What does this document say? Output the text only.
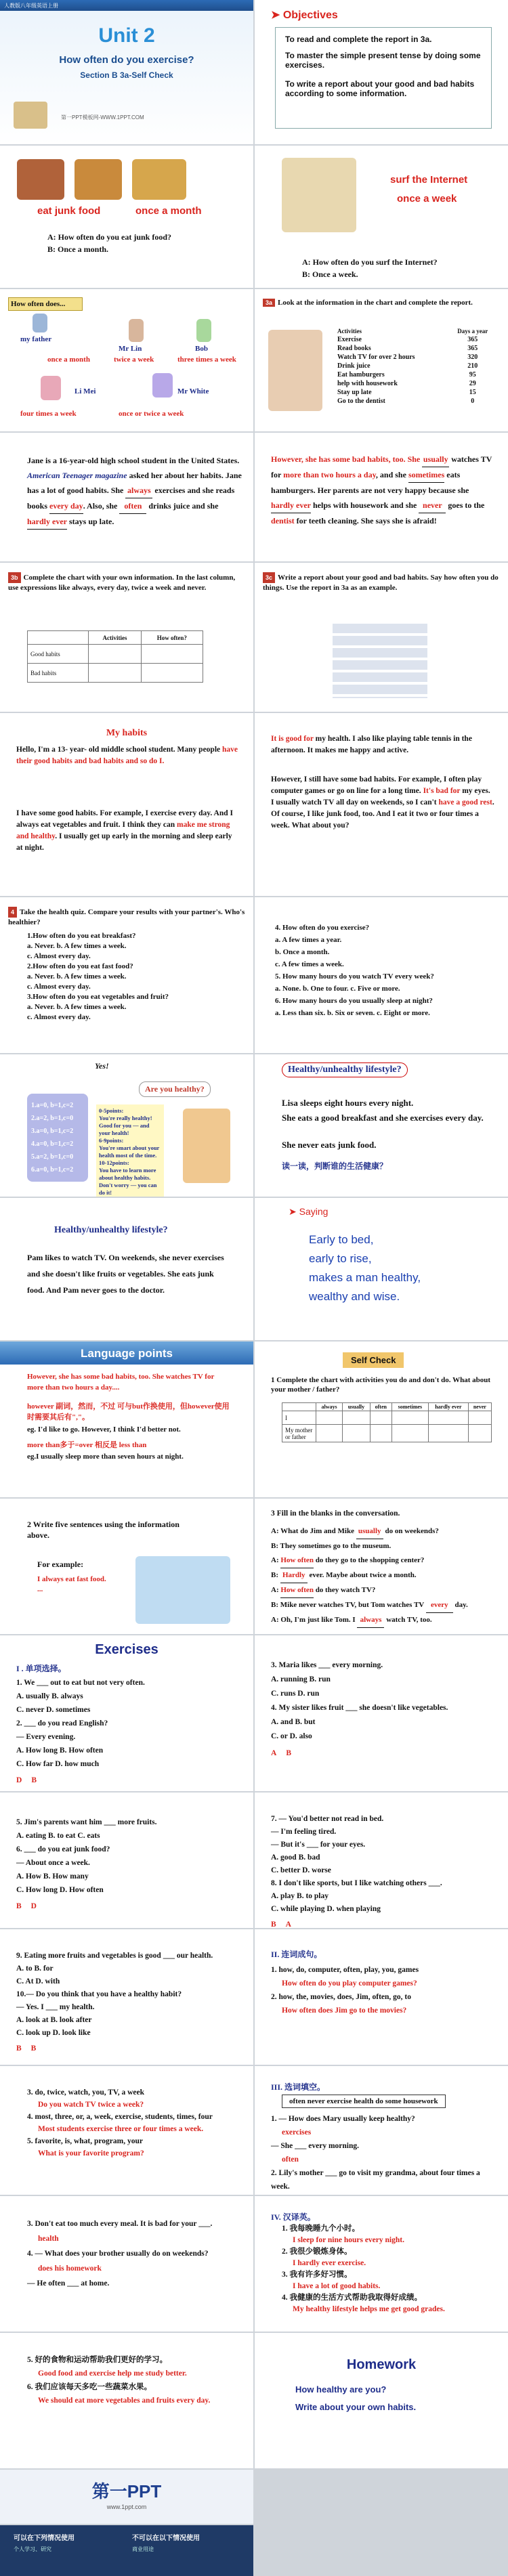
人教版八年级英语上册
Unit 2
How often do you exercise?
Section B 3a-Self Check
第一PPT模板网-WWW.1PPT.COM
➤ Objectives
To read and complete the report in 3a.
To master the simple present tense by doing some exercises.
To write a report about your good and bad habits according to some information.
eat junk food	once a month
A: How often do you eat junk food?
B: Once a month.
surf the Internet
once a week
A: How often do you surf the Internet?
B: Once a week.
How often does...
my father
once a month
Mr Lin
twice a week
Bob
three times a week
Li Mei
four times a week
Mr White
once or twice a week
3a Look at the information in the chart and complete the report.
Activities	Days a year
Exercise	365
Read books	365
Watch TV for over 2 hours	320
Drink juice	210
Eat hamburgers	95
help with housework	29
Stay up late	15
Go to the dentist	0
Jane is a 16-year-old high school student in the United States. American Teenager magazine asked her about her habits. Jane has a lot of good habits. She always exercises and she reads books every day. Also, she often drinks juice and she hardly ever stays up late.
However, she has some bad habits, too. She usually watches TV for more than two hours a day, and she sometimes eats hamburgers. Her parents are not very happy because she hardly ever helps with housework and she never goes to the dentist for teeth cleaning. She says she is afraid!
3b Complete the chart with your own information. In the last column, use expressions like always, every day, twice a week and never.
	Activities	How often?
Good habits		
Bad habits		
3c Write a report about your good and bad habits. Say how often you do things. Use the report in 3a as an example.
My habits
Hello, I'm a 13- year- old middle school student. Many people have their good habits and bad habits and so do I.
I have some good habits. For example, I exercise every day. And I always eat vegetables and fruit. I think they can make me strong and healthy. I usually get up early in the morning and sleep early at night.
It is good for my health. I also like playing table tennis in the afternoon. It makes me happy and active.
However, I still have some bad habits. For example, I often play computer games or go on line for a long time. It's bad for my eyes. I usually watch TV all day on weekends, so I can't have a good rest. Of course, I like junk food, too. And I eat it two or four times a week. What about you?
4 Take the health quiz. Compare your results with your partner's. Who's healthier?
1.How often do you eat breakfast?
a. Never. b. A few times a week.
c. Almost every day.
2.How often do you eat fast food?
a. Never. b. A few times a week.
c. Almost every day.
3.How often do you eat vegetables and fruit?
a. Never. b. A few times a week.
c. Almost every day.
4. How often do you exercise?
a. A few times a year.
b. Once a month.
c. A few times a week.
5. How many hours do you watch TV every week?
a. None. b. One to four. c. Five or more.
6. How many hours do you usually sleep at night?
a. Less than six. b. Six or seven. c. Eight or more.
Yes!
Are you healthy?
1.a=0, b=1,c=2
2.a=2, b=1,c=0
3.a=0, b=1,c=2
4.a=0, b=1,c=2
5.a=2, b=1,c=0
6.a=0, b=1,c=2
0-5points:
You're really healthy! Good for you — and your health!
6-9points:
You're smart about your health most of the time.
10-12points:
You have to learn more about healthy habits. Don't worry — you can do it!
Healthy/unhealthy lifestyle?
Lisa sleeps eight hours every night.
She eats a good breakfast and she exercises every day.
She never eats junk food.
读一读，判断谁的生活健康？
Healthy/unhealthy lifestyle?
Pam likes to watch TV. On weekends, she never exercises and she doesn't like fruits or vegetables. She eats junk food. And Pam never goes to the doctor.
➤ Saying
Early to bed,
early to rise,
makes a man healthy,
wealthy and wise.
Language points
However, she has some bad habits, too. She watches TV for more than two hours a day....
however 副词，然而，不过 可与but作换使用，但however使用时需要其后有","。
eg. I'd like to go. However, I think I'd better not.
more than多于=over 相反是 less than
eg.I usually sleep more than seven hours at night.
Self Check
1 Complete the chart with activities you do and don't do. What about your mother / father?
	always	usually	often	sometimes	hardly ever	never
I						
My mother or father						
2 Write five sentences using the information above.
For example:
I always eat fast food. ...
3 Fill in the blanks in the conversation.
A: What do Jim and Mike usually do on weekends?
B: They sometimes go to the museum.
A: How often do they go to the shopping center?
B: Hardly ever. Maybe about twice a month.
A: How often do they watch TV?
B: Mike never watches TV, but Tom watches TV every day.
A: Oh, I'm just like Tom. I always watch TV, too.
Exercises
I . 单项选择。
1. We ___ out to eat but not very often.
A. usually B. always
C. never D. sometimes
2. ___ do you read English?
— Every evening.
A. How long B. How often
C. How far D. how much
D B
3. Maria likes ___ every morning.
A. running B. run
C. runs D. run
4. My sister likes fruit ___ she doesn't like vegetables.
A. and B. but
C. or D. also
A B
5. Jim's parents want him ___ more fruits.
A. eating B. to eat C. eats
6. ___ do you eat junk food?
— About once a week.
A. How B. How many
C. How long D. How often
B D
7. — You'd better not read in bed.
— I'm feeling tired.
— But it's ___ for your eyes.
A. good B. bad
C. better D. worse
8. I don't like sports, but I like watching others ___.
A. play B. to play
C. while playing D. when playing
B A
9. Eating more fruits and vegetables is good ___ our health.
A. to B. for
C. At D. with
10.— Do you think that you have a healthy habit?
— Yes. I ___ my health.
A. look at B. look after
C. look up D. look like
B B
II. 连词成句。
1. how, do, computer, often, play, you, games
How often do you play computer games?
2. how, the, movies, does, Jim, often, go, to
How often does Jim go to the movies?
3. do, twice, watch, you, TV, a week
Do you watch TV twice a week?
4. most, three, or, a, week, exercise, students, times, four
Most students exercise three or four times a week.
5. favorite, is, what, program, your
What is your favorite program?
III. 选词填空。
often never exercise health do some housework
1. — How does Mary usually keep healthy?
exercises
— She ___ every morning.
often
2. Lily's mother ___ go to visit my grandma, about four times a week.
3. Don't eat too much every meal. It is bad for your ___.
health
4. — What does your brother usually do on weekends?
does his homework
— He often ___ at home.
IV. 汉译英。
1. 我每晚睡九个小时。
I sleep for nine hours every night.
2. 我很少锻炼身体。
I hardly ever exercise.
3. 我有许多好习惯。
I have a lot of good habits.
4. 我健康的生活方式帮助我取得好成绩。
My healthy lifestyle helps me get good grades.
5. 好的食物和运动帮助我们更好的学习。
Good food and exercise help me study better.
6. 我们应该每天多吃一些蔬菜水果。
We should eat more vegetables and fruits every day.
Homework
How healthy are you?
Write about your own habits.
第一PPT
www.1ppt.com
可以在下列情况使用	不可以在以下情况使用
个人学习、研究	商业用途
